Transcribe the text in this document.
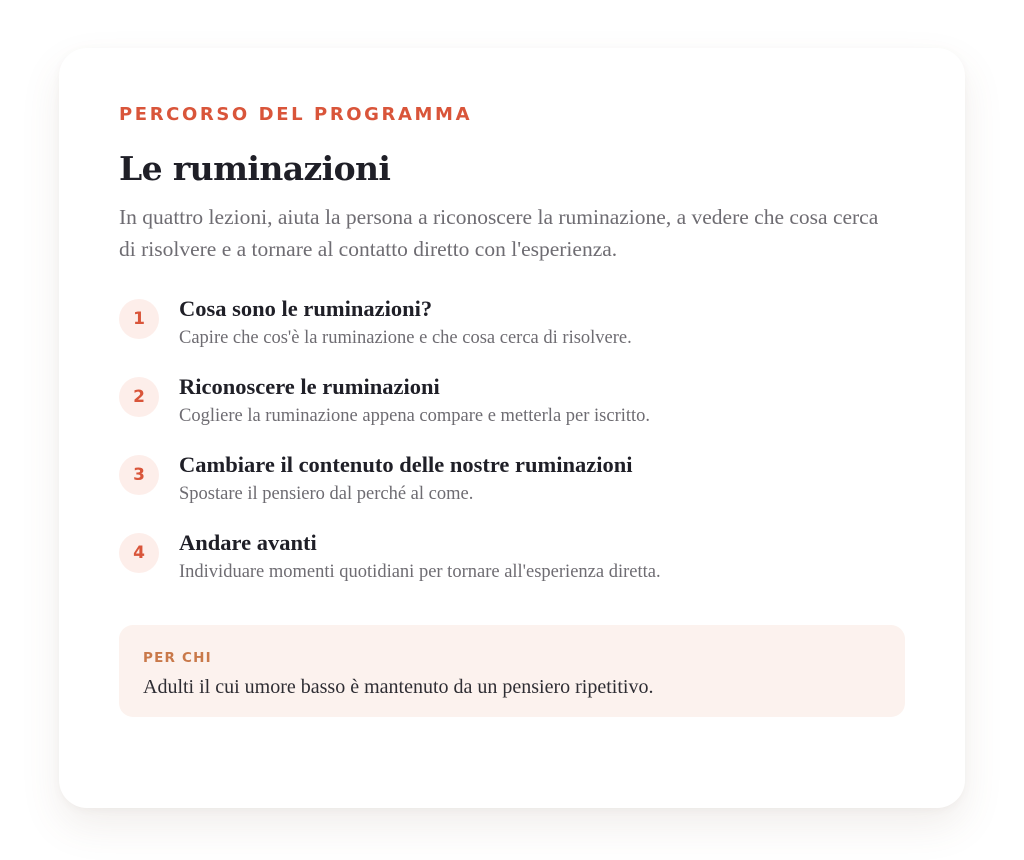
PERCORSO DEL PROGRAMMA

Le ruminazioni

In quattro lezioni, aiuta la persona a riconoscere la ruminazione, a vedere che cosa cerca di risolvere e a tornare al contatto diretto con l'esperienza.

1	Cosa sono le ruminazioni?

Capire che cos'è la ruminazione e che cosa cerca di risolvere.

2	Riconoscere le ruminazioni

Cogliere la ruminazione appena compare e metterla per iscritto.

3	Cambiare il contenuto delle nostre ruminazioni

Spostare il pensiero dal perché al come.

4	Andare avanti

Individuare momenti quotidiani per tornare all'esperienza diretta.

PER CHI

Adulti il cui umore basso è mantenuto da un pensiero ripetitivo.
